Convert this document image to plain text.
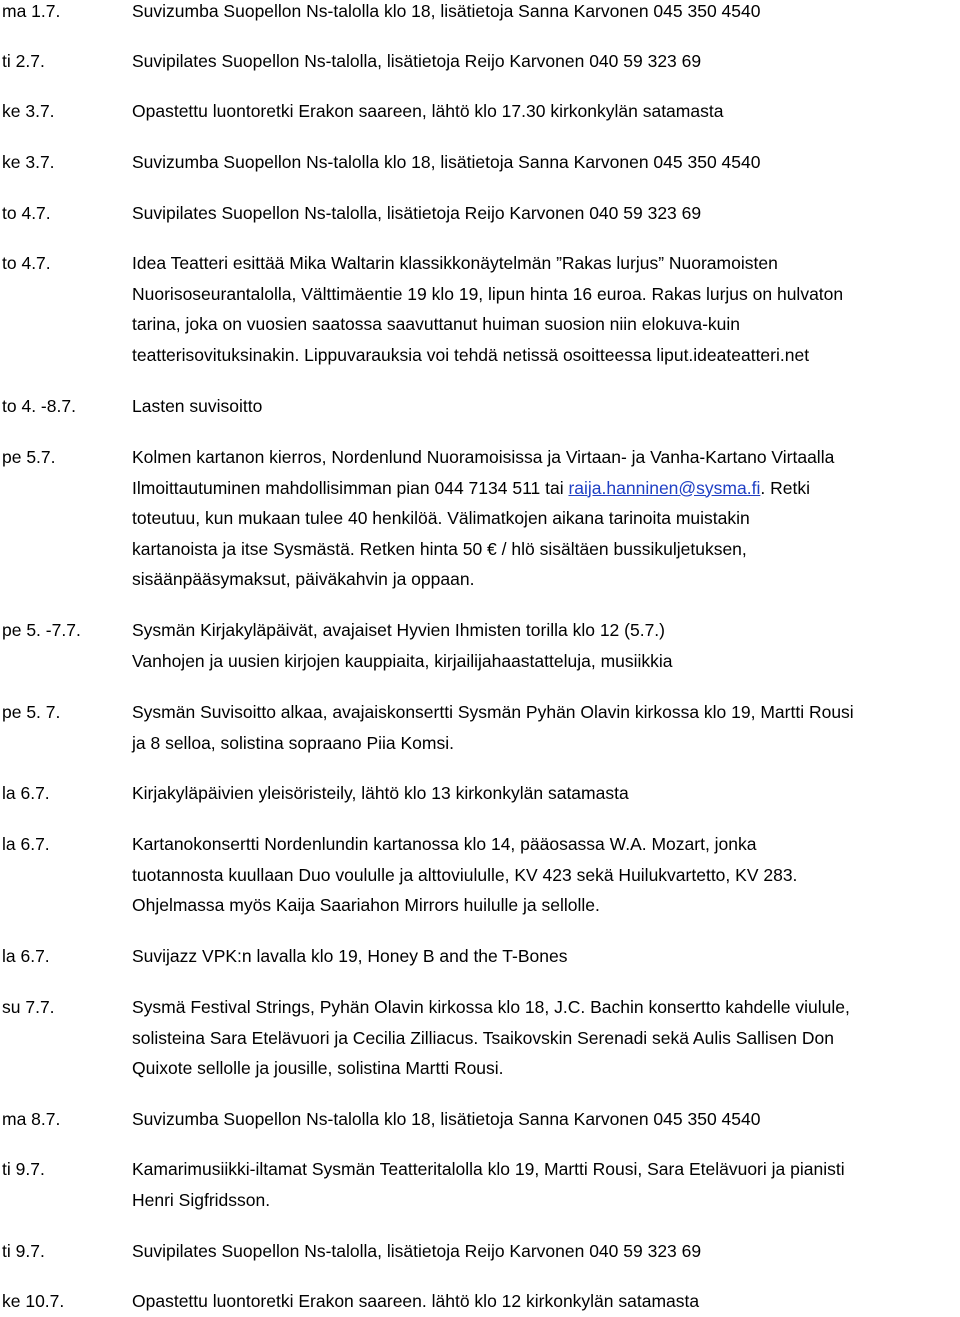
ma 1.7.	Suvizumba Suopellon Ns-talolla klo 18, lisätietoja Sanna Karvonen 045 350 4540
ti 2.7.	Suvipilates Suopellon Ns-talolla, lisätietoja Reijo Karvonen 040 59 323 69
ke 3.7.	Opastettu luontoretki Erakon saareen, lähtö klo 17.30 kirkonkylän satamasta
ke 3.7.	Suvizumba Suopellon Ns-talolla klo 18, lisätietoja Sanna Karvonen 045 350 4540
to 4.7.	Suvipilates Suopellon Ns-talolla, lisätietoja Reijo Karvonen 040 59 323 69
to 4.7.	Idea Teatteri esittää Mika Waltarin klassikkonäytelmän ”Rakas lurjus” Nuoramoisten
Nuorisoseurantalolla, Välttimäentie 19 klo 19, lipun hinta 16 euroa. Rakas lurjus on hulvaton
tarina, joka on vuosien saatossa saavuttanut huiman suosion niin elokuva-kuin
teatterisovituksinakin. Lippuvarauksia voi tehdä netissä osoitteessa liput.ideateatteri.net
to 4. -8.7.	Lasten suvisoitto
pe 5.7.	Kolmen kartanon kierros, Nordenlund Nuoramoisissa ja Virtaan- ja Vanha-Kartano Virtaalla
Ilmoittautuminen mahdollisimman pian 044 7134 511 tai raija.hanninen@sysma.fi. Retki
toteutuu, kun mukaan tulee 40 henkilöä. Välimatkojen aikana tarinoita muistakin
kartanoista ja itse Sysmästä. Retken hinta 50 € / hlö sisältäen bussikuljetuksen,
sisäänpääsymaksut, päiväkahvin ja oppaan.
pe 5. -7.7.	Sysmän Kirjakyläpäivät, avajaiset Hyvien Ihmisten torilla klo 12 (5.7.)
Vanhojen ja uusien kirjojen kauppiaita, kirjailijahaastatteluja, musiikkia
pe 5. 7.	Sysmän Suvisoitto alkaa, avajaiskonsertti Sysmän Pyhän Olavin kirkossa klo 19, Martti Rousi
ja 8 selloa, solistina sopraano Piia Komsi.
la 6.7.	Kirjakyläpäivien yleisöristeily, lähtö klo 13 kirkonkylän satamasta
la 6.7.	Kartanokonsertti Nordenlundin kartanossa klo 14, pääosassa W.A. Mozart, jonka
tuotannosta kuullaan Duo voululle ja alttoviululle, KV 423 sekä Huilukvartetto, KV 283.
Ohjelmassa myös Kaija Saariahon Mirrors huilulle ja sellolle.
la 6.7.	Suvijazz VPK:n lavalla klo 19, Honey B and the T-Bones
su 7.7.	Sysmä Festival Strings, Pyhän Olavin kirkossa klo 18, J.C. Bachin konsertto kahdelle viulule,
solisteina Sara Etelävuori ja Cecilia Zilliacus. Tsaikovskin Serenadi sekä Aulis Sallisen Don
Quixote sellolle ja jousille, solistina Martti Rousi.
ma 8.7.	Suvizumba Suopellon Ns-talolla klo 18, lisätietoja Sanna Karvonen 045 350 4540
ti 9.7.	Kamarimusiikki-iltamat Sysmän Teatteritalolla klo 19, Martti Rousi, Sara Etelävuori ja pianisti
Henri Sigfridsson.
ti 9.7.	Suvipilates Suopellon Ns-talolla, lisätietoja Reijo Karvonen 040 59 323 69
ke 10.7.	Opastettu luontoretki Erakon saareen. lähtö klo 12 kirkonkylän satamasta
